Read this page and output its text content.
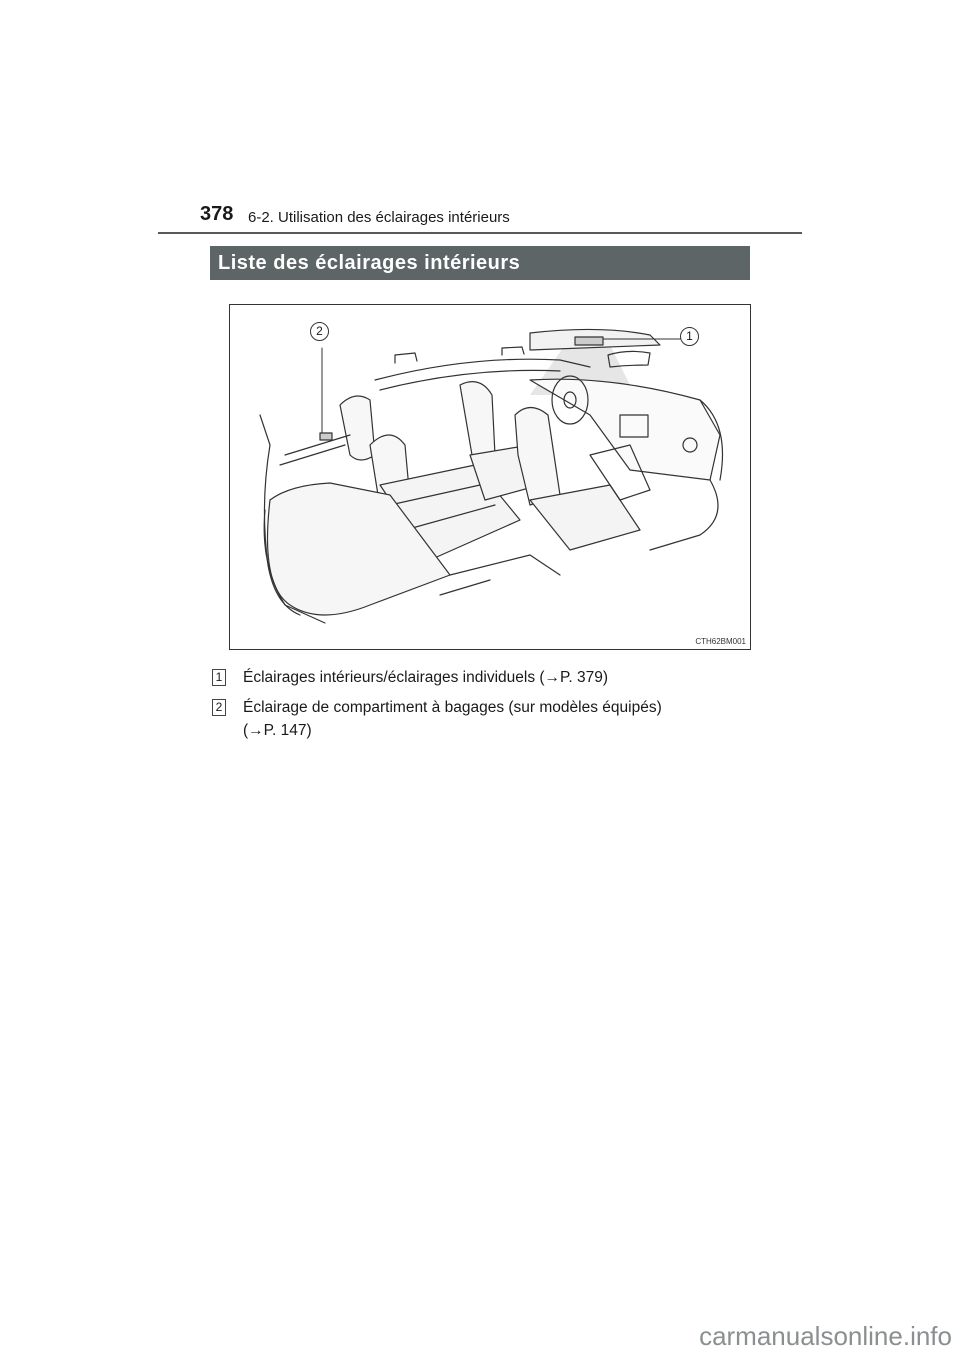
378 6-2. Utilisation des éclairages intérieurs
Liste des éclairages intérieurs
1
2
CTH62BM001
1 Éclairages intérieurs/éclairages individuels (→P. 379)
2 Éclairage de compartiment à bagages (sur modèles équipés)
(→P. 147)
carmanualsonline.info
